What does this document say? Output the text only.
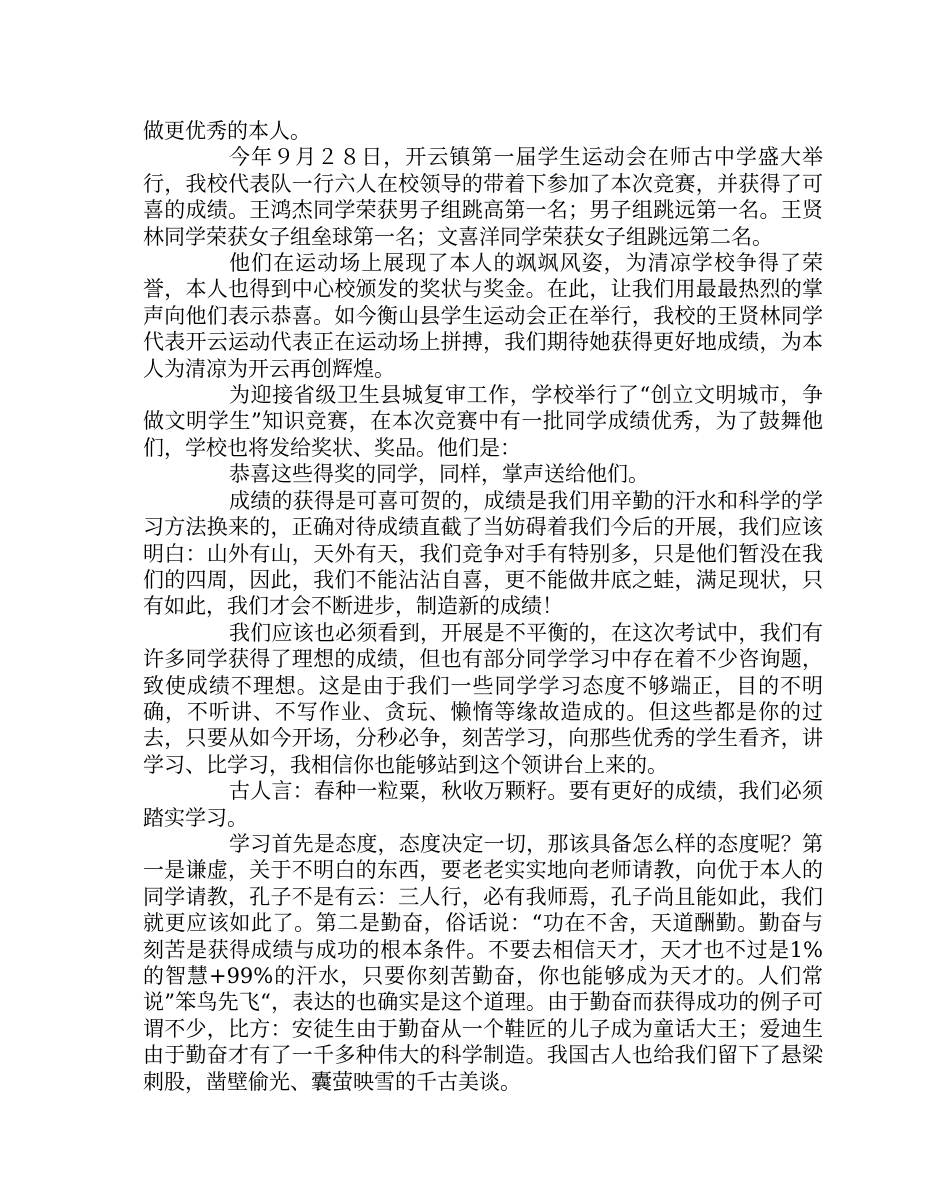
做更优秀的本人。

今年９月２８日，开云镇第一届学生运动会在师古中学盛大举行，我校代表队一行六人在校领导的带着下参加了本次竞赛，并获得了可喜的成绩。王鸿杰同学荣获男子组跳高第一名；男子组跳远第一名。王贤林同学荣获女子组垒球第一名；文喜洋同学荣获女子组跳远第二名。

他们在运动场上展现了本人的飒飒风姿，为清凉学校争得了荣誉，本人也得到中心校颁发的奖状与奖金。在此，让我们用最最热烈的掌声向他们表示恭喜。如今衡山县学生运动会正在举行，我校的王贤林同学代表开云运动代表正在运动场上拼搏，我们期待她获得更好地成绩，为本人为清凉为开云再创辉煌。

为迎接省级卫生县城复审工作，学校举行了“创立文明城市，争做文明学生”知识竞赛，在本次竞赛中有一批同学成绩优秀，为了鼓舞他们，学校也将发给奖状、奖品。他们是：

恭喜这些得奖的同学，同样，掌声送给他们。

成绩的获得是可喜可贺的，成绩是我们用辛勤的汗水和科学的学习方法换来的，正确对待成绩直截了当妨碍着我们今后的开展，我们应该明白：山外有山，天外有天，我们竞争对手有特别多，只是他们暂没在我们的四周，因此，我们不能沾沾自喜，更不能做井底之蛙，满足现状，只有如此，我们才会不断进步，制造新的成绩！

我们应该也必须看到，开展是不平衡的，在这次考试中，我们有许多同学获得了理想的成绩，但也有部分同学学习中存在着不少咨询题，致使成绩不理想。这是由于我们一些同学学习态度不够端正，目的不明确，不听讲、不写作业、贪玩、懒惰等缘故造成的。但这些都是你的过去，只要从如今开场，分秒必争，刻苦学习，向那些优秀的学生看齐，讲学习、比学习，我相信你也能够站到这个领讲台上来的。

古人言：春种一粒粟，秋收万颗籽。要有更好的成绩，我们必须踏实学习。

学习首先是态度，态度决定一切，那该具备怎么样的态度呢？第一是谦虚，关于不明白的东西，要老老实实地向老师请教，向优于本人的同学请教，孔子不是有云：三人行，必有我师焉，孔子尚且能如此，我们就更应该如此了。第二是勤奋，俗话说：“功在不舍，天道酬勤。勤奋与刻苦是获得成绩与成功的根本条件。不要去相信天才，天才也不过是1%的智慧+99%的汗水，只要你刻苦勤奋，你也能够成为天才的。人们常说”笨鸟先飞“，表达的也确实是这个道理。由于勤奋而获得成功的例子可谓不少，比方：安徒生由于勤奋从一个鞋匠的儿子成为童话大王；爱迪生由于勤奋才有了一千多种伟大的科学制造。我国古人也给我们留下了悬梁刺股，凿壁偷光、囊萤映雪的千古美谈。
